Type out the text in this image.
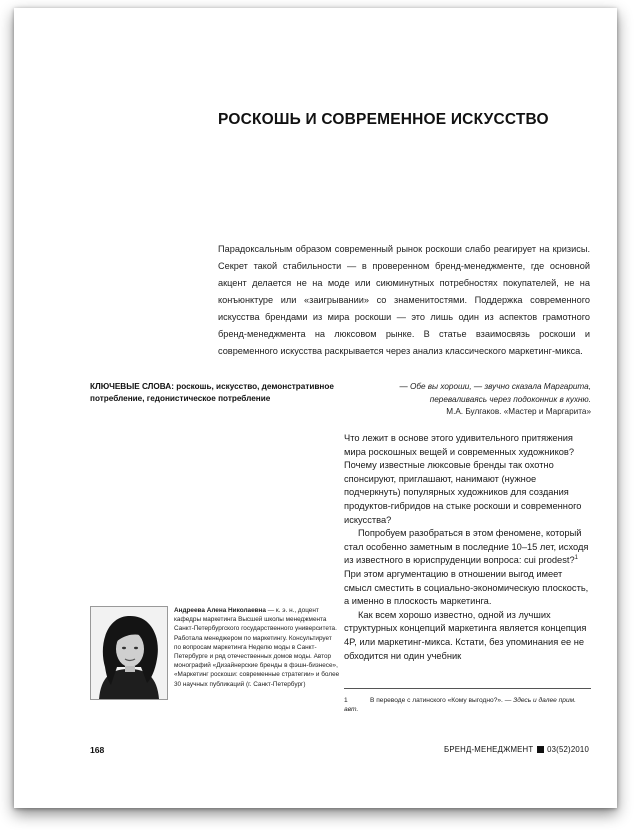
РОСКОШЬ И СОВРЕМЕННОЕ ИСКУССТВО
Парадоксальным образом современный рынок роскоши слабо реагирует на кризисы. Секрет такой стабильности — в проверенном бренд-менеджменте, где основной акцент делается не на моде или сиюминутных потребностях покупателей, не на конъюнктуре или «заигрывании» со знаменитостями. Поддержка современного искусства брендами из мира роскоши — это лишь один из аспектов грамотного бренд-менеджмента на люксовом рынке. В статье взаимосвязь роскоши и современного искусства раскрывается через анализ классического маркетинг-микса.
КЛЮЧЕВЫЕ СЛОВА: роскошь, искусство, демонстративное потребление, гедонистическое потребление
— Обе вы хороши, — звучно сказала Маргарита,
переваливаясь через подоконник в кухню.
М.А. Булгаков. «Мастер и Маргарита»

Что лежит в основе этого удивительного притяжения мира роскошных вещей и современных художников? Почему известные люксовые бренды так охотно спонсируют, приглашают, нанимают (нужное подчеркнуть) популярных художников для создания продуктов-гибридов на стыке роскоши и современного искусства?

Попробуем разобраться в этом феномене, который стал особенно заметным в последние 10–15 лет, исходя из известного в юриспруденции вопроса: cui prodest?$^1$ При этом аргументацию в отношении выгод имеет смысл сместить в социально-экономическую плоскость, а именно в плоскость маркетинга.

Как всем хорошо известно, одной из лучших структурных концепций маркетинга является концепция 4P, или маркетинг-микса. Кстати, без упоминания ее не обходится ни один учебник

Андреева Алена Николаевна — к. э. н., доцент кафедры маркетинга Высшей школы менеджмента Санкт-Петербургского государственного университета. Работала менеджером по маркетингу. Консультирует по вопросам маркетинга Неделю моды в Санкт-Петербурге и ряд отечественных домов моды. Автор монографий «Дизайнерские бренды в фэшн-бизнесе», «Маркетинг роскоши: современные стратегии» и более 30 научных публикаций (г. Санкт-Петербург)
1	В переводе с латинского «Кому выгодно?». — Здесь и далее прим. авт.
168	БРЕНД-МЕНЕДЖМЕНТ 03(52)2010
